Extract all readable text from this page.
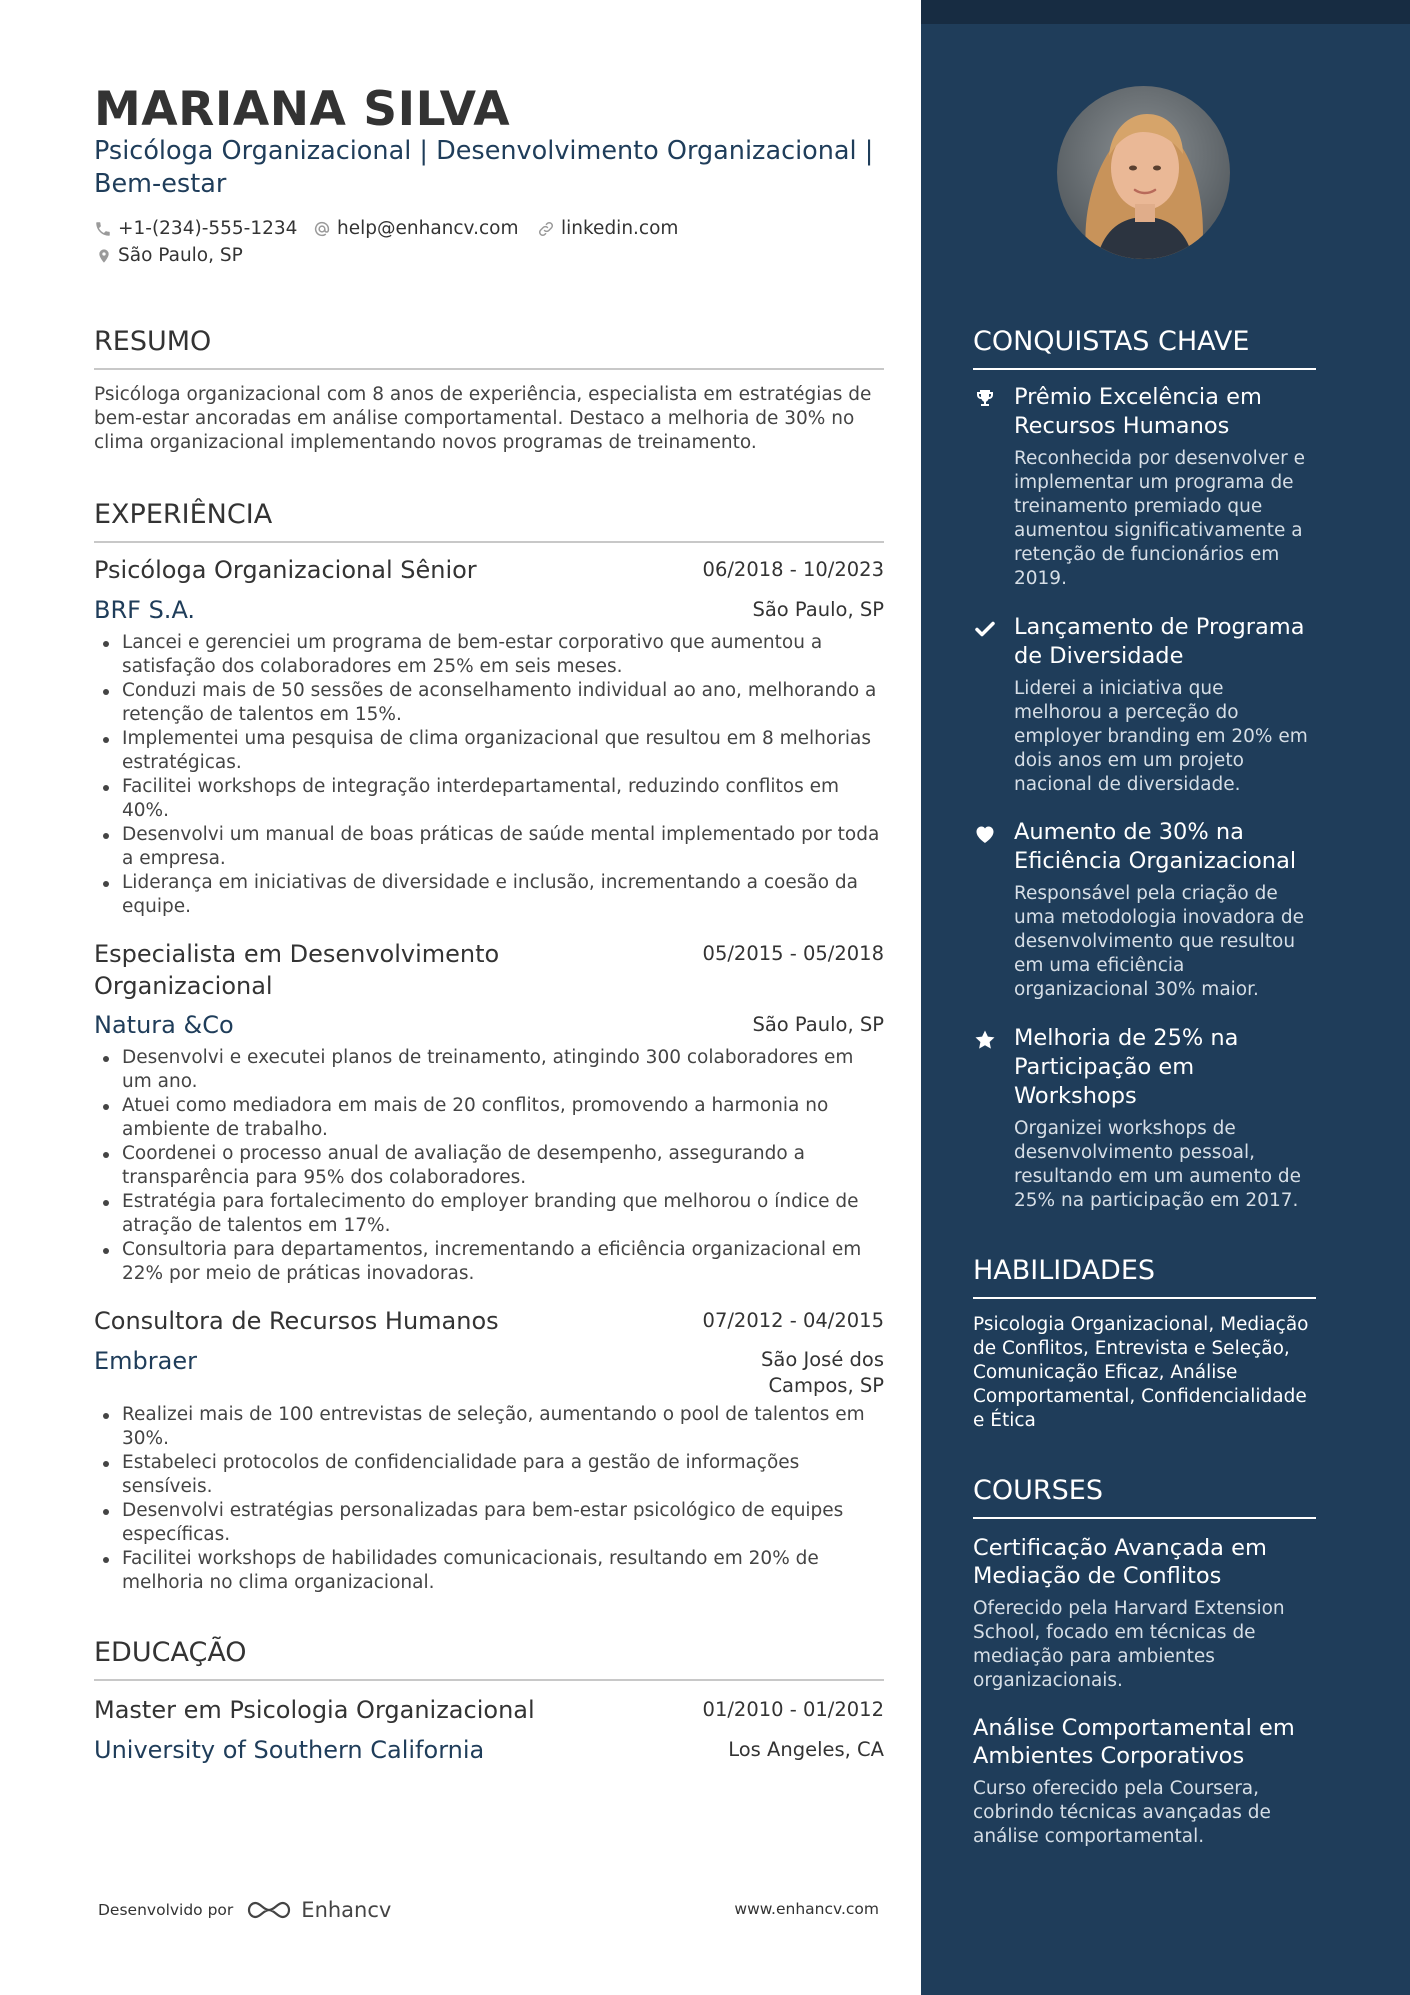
MARIANA SILVA
Psicóloga Organizacional | Desenvolvimento Organizacional | Bem-estar
+1-(234)-555-1234 help@enhancv.com linkedin.com
São Paulo, SP
RESUMO
Psicóloga organizacional com 8 anos de experiência, especialista em estratégias de bem-estar ancoradas em análise comportamental. Destaco a melhoria de 30% no clima organizacional implementando novos programas de treinamento.
EXPERIÊNCIA
Psicóloga Organizacional Sênior	06/2018 - 10/2023
BRF S.A.	São Paulo, SP
Lancei e gerenciei um programa de bem-estar corporativo que aumentou a satisfação dos colaboradores em 25% em seis meses.
Conduzi mais de 50 sessões de aconselhamento individual ao ano, melhorando a retenção de talentos em 15%.
Implementei uma pesquisa de clima organizacional que resultou em 8 melhorias estratégicas.
Facilitei workshops de integração interdepartamental, reduzindo conflitos em 40%.
Desenvolvi um manual de boas práticas de saúde mental implementado por toda a empresa.
Liderança em iniciativas de diversidade e inclusão, incrementando a coesão da equipe.
Especialista em Desenvolvimento Organizacional
05/2015 - 05/2018
Natura &Co	São Paulo, SP
Desenvolvi e executei planos de treinamento, atingindo 300 colaboradores em um ano.
Atuei como mediadora em mais de 20 conflitos, promovendo a harmonia no ambiente de trabalho.
Coordenei o processo anual de avaliação de desempenho, assegurando a transparência para 95% dos colaboradores.
Estratégia para fortalecimento do employer branding que melhorou o índice de atração de talentos em 17%.
Consultoria para departamentos, incrementando a eficiência organizacional em 22% por meio de práticas inovadoras.
Consultora de Recursos Humanos	07/2012 - 04/2015
Embraer	São José dos Campos, SP
Realizei mais de 100 entrevistas de seleção, aumentando o pool de talentos em 30%.
Estabeleci protocolos de confidencialidade para a gestão de informações sensíveis.
Desenvolvi estratégias personalizadas para bem-estar psicológico de equipes específicas.
Facilitei workshops de habilidades comunicacionais, resultando em 20% de melhoria no clima organizacional.
EDUCAÇÃO
Master em Psicologia Organizacional	01/2010 - 01/2012
University of Southern California	Los Angeles, CA
Desenvolvido por	Enhancv	www.enhancv.com
CONQUISTAS CHAVE
Prêmio Excelência em Recursos Humanos
Reconhecida por desenvolver e implementar um programa de treinamento premiado que aumentou significativamente a retenção de funcionários em 2019.
Lançamento de Programa de Diversidade
Liderei a iniciativa que melhorou a perceção do employer branding em 20% em dois anos em um projeto nacional de diversidade.
Aumento de 30% na Eficiência Organizacional
Responsável pela criação de uma metodologia inovadora de desenvolvimento que resultou em uma eficiência organizacional 30% maior.
Melhoria de 25% na Participação em Workshops
Organizei workshops de desenvolvimento pessoal, resultando em um aumento de 25% na participação em 2017.
HABILIDADES
Psicologia Organizacional, Mediação de Conflitos, Entrevista e Seleção, Comunicação Eficaz, Análise Comportamental, Confidencialidade e Ética
COURSES
Certificação Avançada em Mediação de Conflitos
Oferecido pela Harvard Extension School, focado em técnicas de mediação para ambientes organizacionais.
Análise Comportamental em Ambientes Corporativos
Curso oferecido pela Coursera, cobrindo técnicas avançadas de análise comportamental.
